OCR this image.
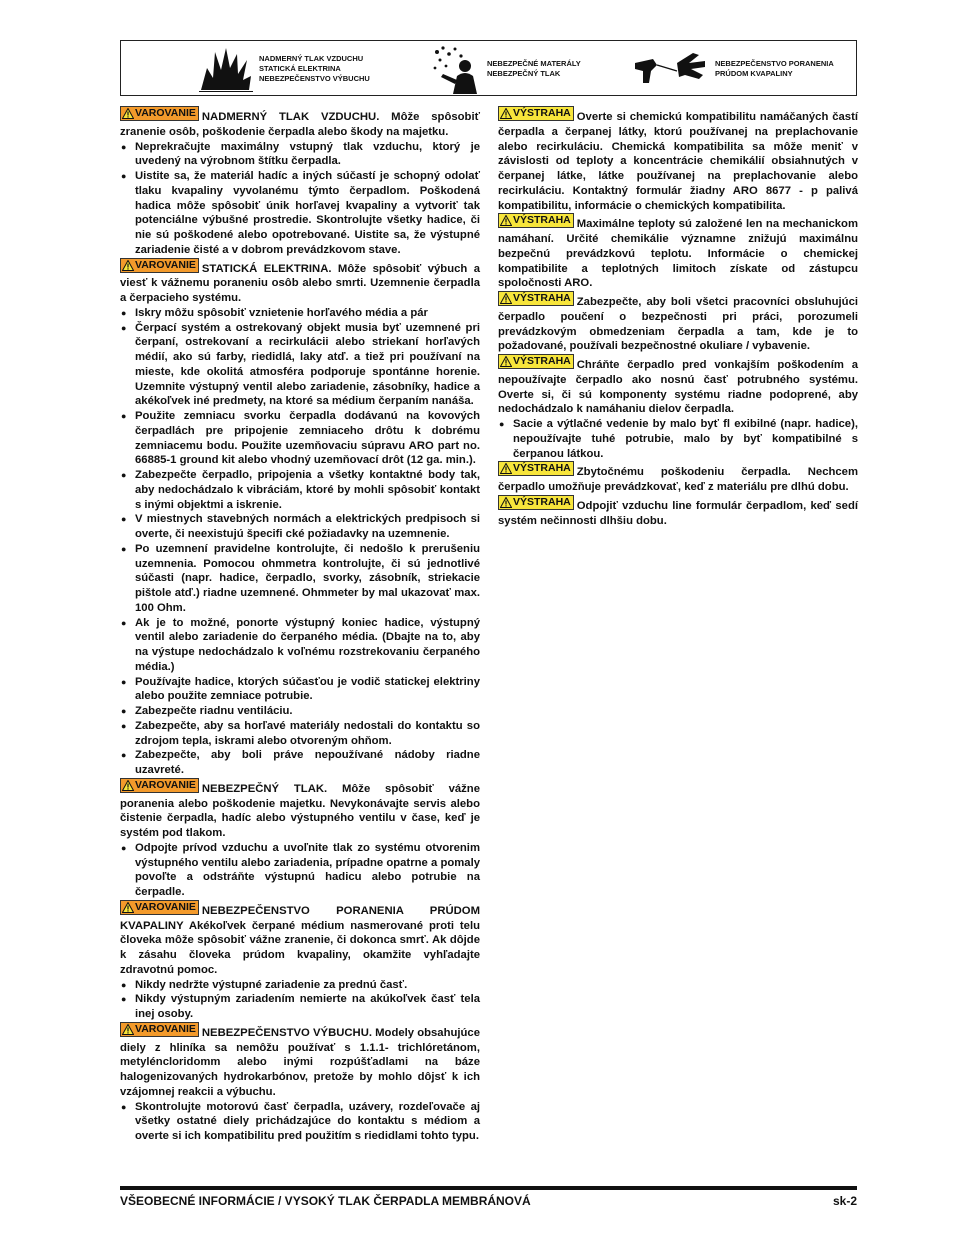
NADMERNÝ TLAK VZDUCHU
STATICKÁ ELEKTRINA
NEBEZPEČENSTVO VÝBUCHU
NEBEZPEČNÉ MATERÁLY
NEBEZPEČNÝ TLAK
NEBEZPEČENSTVO PORANENIA
PRÚDOM KVAPALINY

VAROVANIE NADMERNÝ TLAK VZDUCHU. Môže spôsobiť zranenie osôb, poškodenie čerpadla alebo škody na majetku.

● Neprekračujte maximálny vstupný tlak vzduchu, ktorý je uvedený na výrobnom štítku čerpadla.
● Uistite sa, že materiál hadíc a iných súčastí je schopný odolať tlaku kvapaliny vyvolanému týmto čerpadlom. Poškodená hadica môže spôsobiť únik horľavej kvapaliny a vytvoriť tak potenciálne výbušné prostredie. Skontrolujte všetky hadice, či nie sú poškodené alebo opotrebované. Uistite sa, že výstupné zariadenie čisté a v dobrom prevádzkovom stave.

VAROVANIE STATICKÁ ELEKTRINA. Môže spôsobiť výbuch a viesť k vážnemu poraneniu osôb alebo smrti. Uzemnenie čerpadla a čerpacieho systému.

● Iskry môžu spôsobiť vznietenie horľavého média a pár
● Čerpací systém a ostrekovaný objekt musia byť uzemnené pri čerpaní, ostrekovaní a recirkulácii alebo striekaní horľavých médií, ako sú farby, riedidlá, laky atď. a tiež pri používaní na mieste, kde okolitá atmosféra podporuje spontánne horenie. Uzemnite výstupný ventil alebo zariadenie, zásobníky, hadice a akékoľvek iné predmety, na ktoré sa médium čerpaním nanáša.
● Použite zemniacu svorku čerpadla dodávanú na kovových čerpadlách pre pripojenie zemniaceho drôtu k dobrému zemniacemu bodu. Použite uzemňovaciu súpravu ARO part no. 66885-1 ground kit alebo vhodný uzemňovací drôt (12 ga. min.).
● Zabezpečte čerpadlo, pripojenia a všetky kontaktné body tak, aby nedochádzalo k vibráciám, ktoré by mohli spôsobiť kontakt s inými objektmi a iskrenie.
● V miestnych stavebných normách a elektrických predpisoch si overte, či neexistujú špecifi cké požiadavky na uzemnenie.
● Po uzemnení pravidelne kontrolujte, či nedošlo k prerušeniu uzemnenia. Pomocou ohmmetra kontrolujte, či sú jednotlivé súčasti (napr. hadice, čerpadlo, svorky, zásobník, striekacie pištole atď.) riadne uzemnené. Ohmmeter by mal ukazovať max. 100 Ohm.
● Ak je to možné, ponorte výstupný koniec hadice, výstupný ventil alebo zariadenie do čerpaného média. (Dbajte na to, aby na výstupe nedochádzalo k voľnému rozstrekovaniu čerpaného média.)
● Používajte hadice, ktorých súčasťou je vodič statickej elektriny alebo použite zemniace potrubie.
● Zabezpečte riadnu ventiláciu.
● Zabezpečte, aby sa horľavé materiály nedostali do kontaktu so zdrojom tepla, iskrami alebo otvoreným ohňom.
● Zabezpečte, aby boli práve nepoužívané nádoby riadne uzavreté.

VAROVANIE NEBEZPEČNÝ TLAK. Môže spôsobiť vážne poranenia alebo poškodenie majetku. Nevykonávajte servis alebo čistenie čerpadla, hadíc alebo výstupného ventilu v čase, keď je systém pod tlakom.

● Odpojte prívod vzduchu a uvoľnite tlak zo systému otvorenim výstupného ventilu alebo zariadenia, prípadne opatrne a pomaly povoľte a odstráňte výstupnú hadicu alebo potrubie na čerpadle.

VAROVANIE NEBEZPEČENSTVO PORANENIA PRÚDOM KVAPALINY Akékoľvek čerpané médium nasmerované proti telu človeka môže spôsobiť vážne zranenie, či dokonca smrť. Ak dôjde k zásahu človeka prúdom kvapaliny, okamžite vyhľadajte zdravotnú pomoc.

● Nikdy nedržte výstupné zariadenie za prednú časť.
● Nikdy výstupným zariadením nemierte na akúkoľvek časť tela inej osoby.

VAROVANIE NEBEZPEČENSTVO VÝBUCHU. Modely obsahujúce diely z hliníka sa nemôžu používať s 1.1.1- trichlóretánom, metyléncloridomm alebo inými rozpúšťadlami na báze halogenizovaných hydrokarbónov, pretože by mohlo dôjsť k ich vzájomnej reakcii a výbuchu.

● Skontrolujte motorovú časť čerpadla, uzávery, rozdeľovače aj všetky ostatné diely prichádzajúce do kontaktu s médiom a overte si ich kompatibilitu pred použitím s riedidlami tohto typu.

VÝSTRAHA Overte si chemickú kompatibilitu namáčaných častí čerpadla a čerpanej látky, ktorú používanej na preplachovanie alebo recirkuláciu. Chemická kompatibilita sa môže meniť v závislosti od teploty a koncentrácie chemikálií obsiahnutých v čerpanej látke, látke používanej na preplachovanie alebo recirkuláciu. Kontaktný formulár žiadny ARO 8677 - p palivá kompatibilitu, informácie o chemických kompatibilita.

VÝSTRAHA Maximálne teploty sú založené len na mechanickom namáhaní. Určité chemikálie významne znižujú maximálnu bezpečnú prevádzkovú teplotu. Informácie o chemickej kompatibilite a teplotných limitoch získate od zástupcu spoločnosti ARO.

VÝSTRAHA Zabezpečte, aby boli všetci pracovníci obsluhujúci čerpadlo poučení o bezpečnosti pri práci, porozumeli prevádzkovým obmedzeniam čerpadla a tam, kde je to požadované, používali bezpečnostné okuliare / vybavenie.

VÝSTRAHA Chráňte čerpadlo pred vonkajším poškodením a nepoužívajte čerpadlo ako nosnú časť potrubného systému. Overte si, či sú komponenty systému riadne podoprené, aby nedochádzalo k namáhaniu dielov čerpadla.

● Sacie a výtlačné vedenie by malo byť fl exibilné (napr. hadice), nepoužívajte tuhé potrubie, malo by byť kompatibilné s čerpanou látkou.

VÝSTRAHA Zbytočnému poškodeniu čerpadla. Nechcem čerpadlo umožňuje prevádzkovať, keď z materiálu pre dlhú dobu.

VÝSTRAHA Odpojiť vzduchu line formulár čerpadlom, keď sedí systém nečinnosti dlhšiu dobu.

VŠEOBECNÉ INFORMÁCIE / VYSOKÝ TLAK ČERPADLA MEMBRÁNOVÁ	sk-2
